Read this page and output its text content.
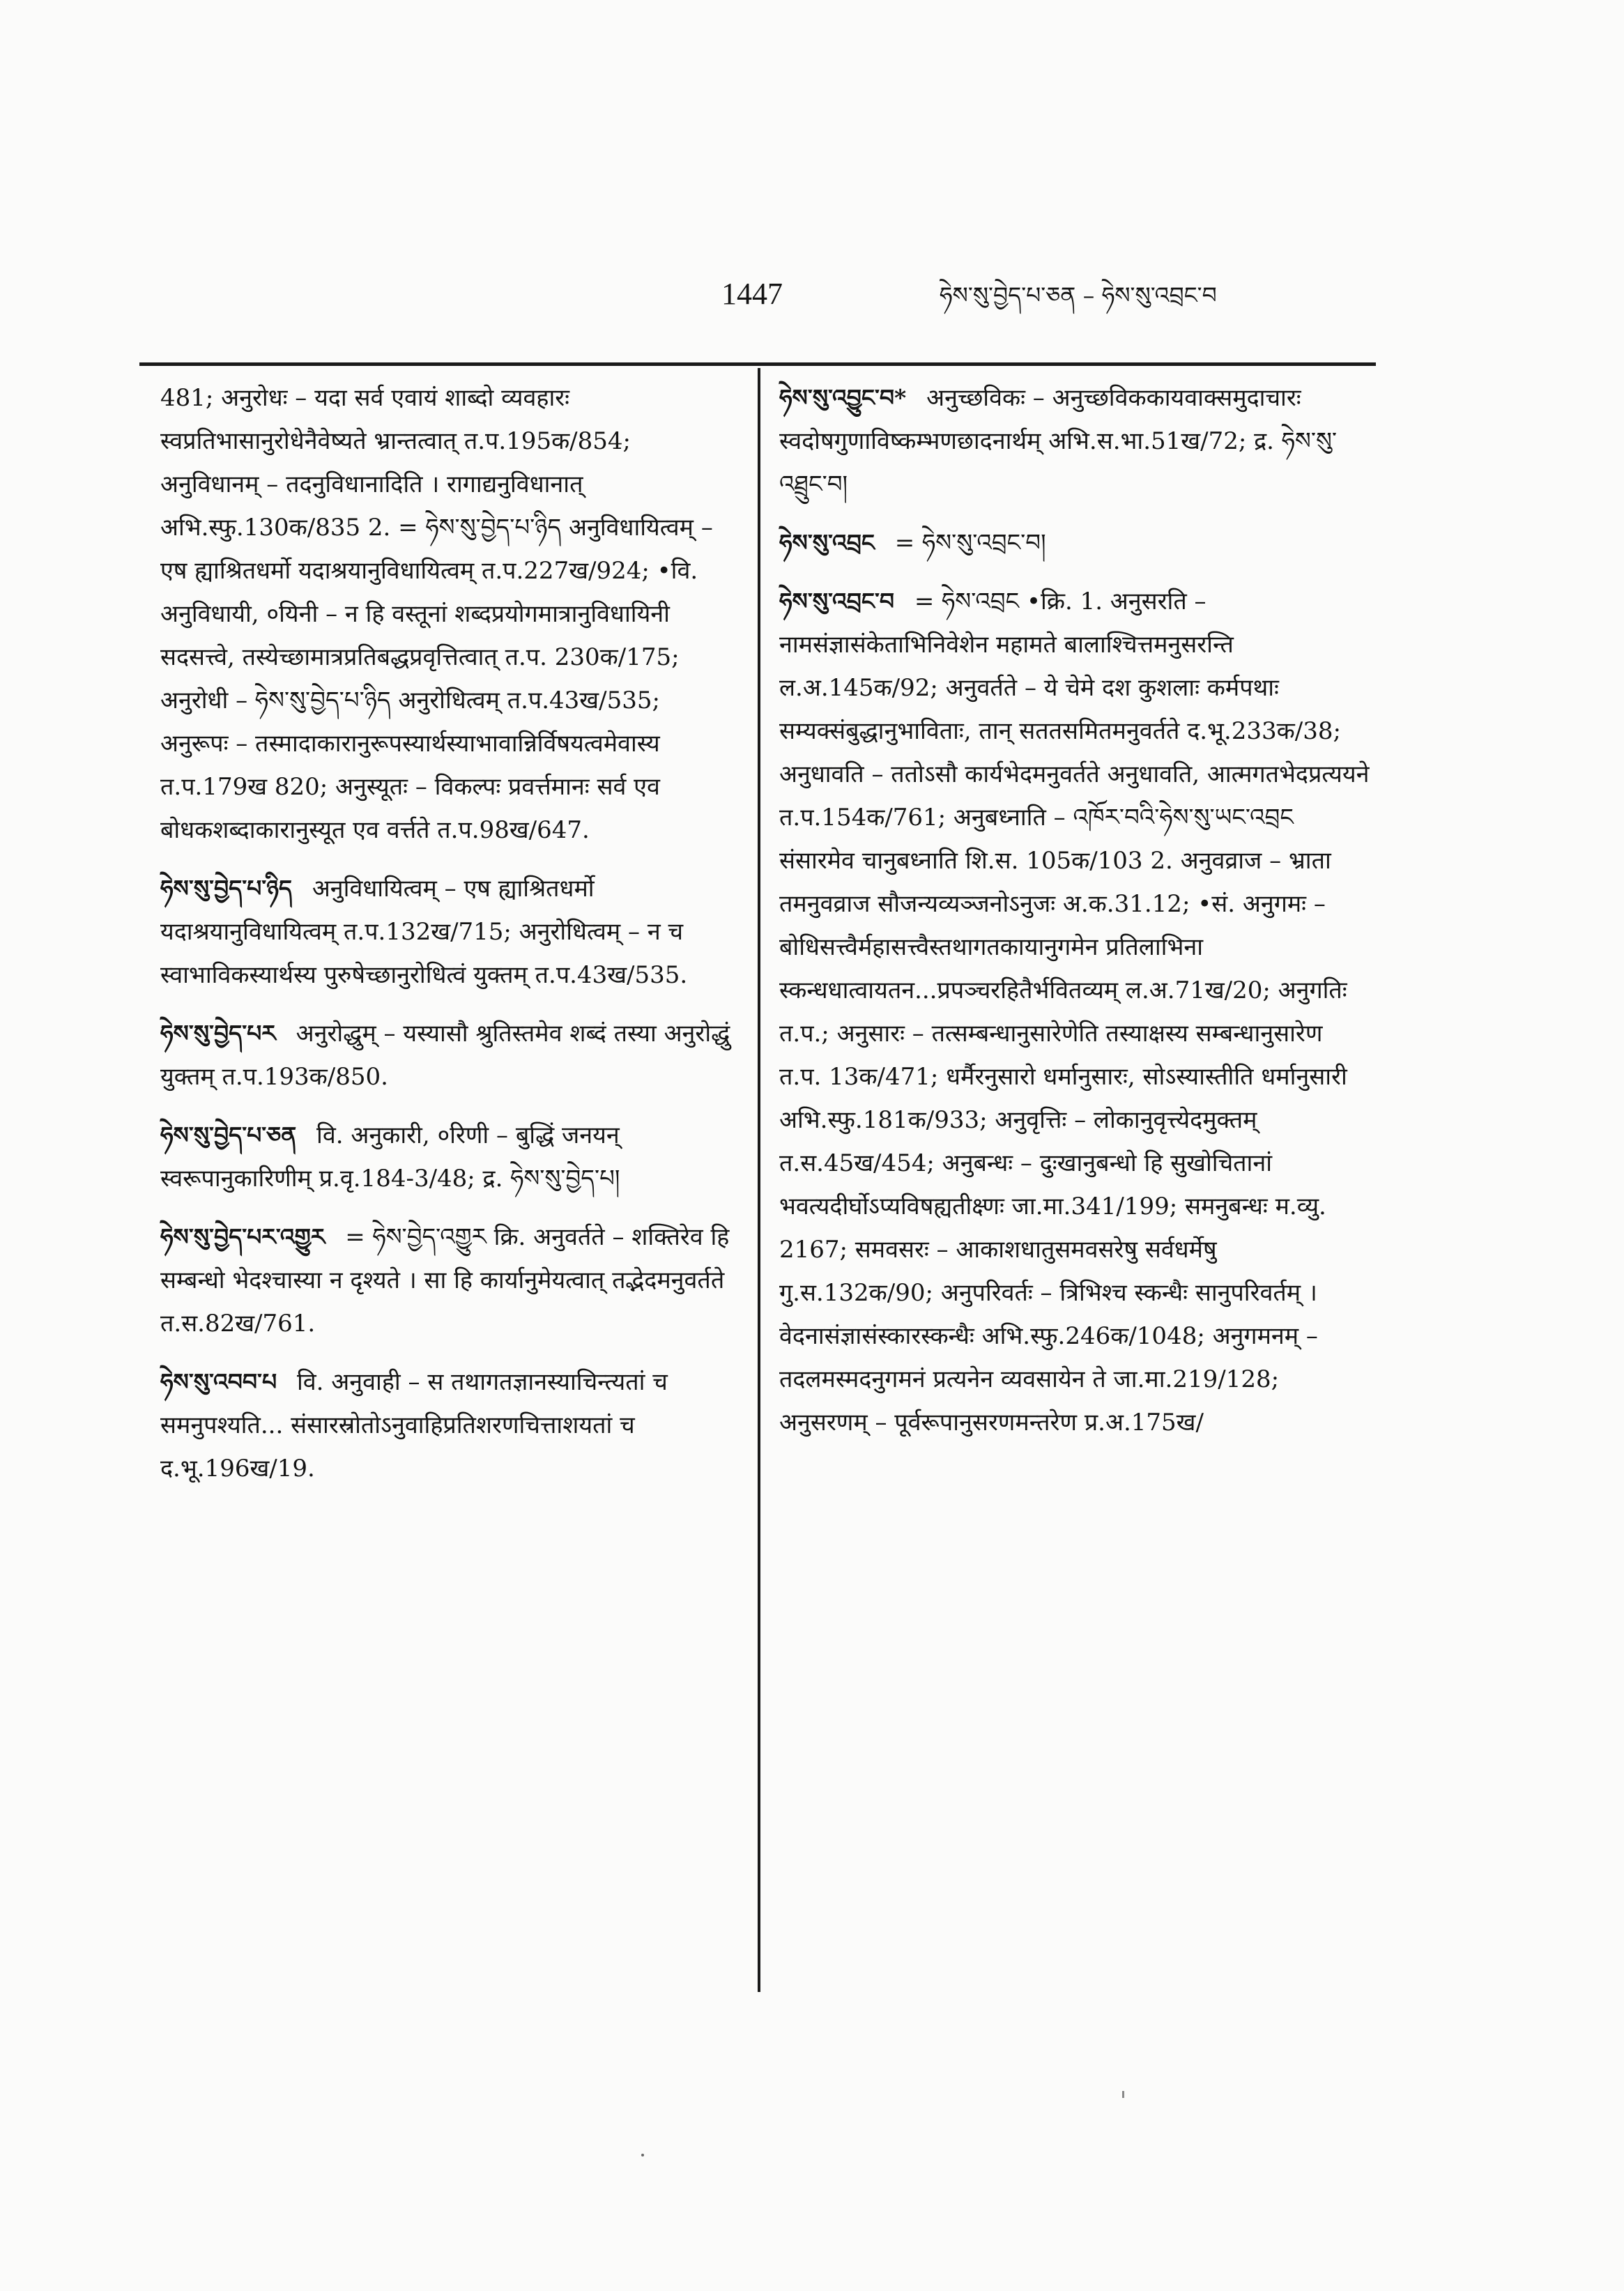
1447	ཧེས་སུ་བྱེད་པ་ཅན – ཧེས་སུ་འབྲང་བ
481; अनुरोधः – यदा सर्व एवायं शाब्दो व्यवहारः स्वप्रतिभासानुरोधेनैवेष्यते भ्रान्तत्वात् त.प.195क/854; अनुविधानम् – तदनुविधानादिति । रागाद्यनुविधानात् अभि.स्फु.130क/835 2. = ཧེས་སུ་བྱེད་པ་ཉིད अनुविधायित्वम् – एष ह्याश्रितधर्मो यदाश्रयानुविधायित्वम् त.प.227ख/924; •वि. अनुविधायी, ०यिनी – न हि वस्तूनां शब्दप्रयोगमात्रानुविधायिनी सदसत्त्वे, तस्येच्छामात्रप्रतिबद्धप्रवृत्तित्वात् त.प. 230क/175; अनुरोधी – ཧེས་སུ་བྱེད་པ་ཉིད अनुरोधित्वम् त.प.43ख/535; अनुरूपः – तस्मादाकारानुरूपस्यार्थस्याभावान्निर्विषयत्वमेवास्य त.प.179ख 820; अनुस्यूतः – विकल्पः प्रवर्त्तमानः सर्व एव बोधकशब्दाकारानुस्यूत एव वर्त्तते त.प.98ख/647.
ཧེས་སུ་བྱེད་པ་ཉིད अनुविधायित्वम् – एष ह्याश्रितधर्मो यदाश्रयानुविधायित्वम् त.प.132ख/715; अनुरोधित्वम् – न च स्वाभाविकस्यार्थस्य पुरुषेच्छानुरोधित्वं युक्तम् त.प.43ख/535.
ཧེས་སུ་བྱེད་པར अनुरोद्धुम् – यस्यासौ श्रुतिस्तमेव शब्दं तस्या अनुरोद्धुं युक्तम् त.प.193क/850.
ཧེས་སུ་བྱེད་པ་ཅན वि. अनुकारी, ०रिणी – बुद्धिं जनयन् स्वरूपानुकारिणीम् प्र.वृ.184-3/48; द्र. ཧེས་སུ་བྱེད་པ།
ཧེས་སུ་བྱེད་པར་འགྱུར = ཧེས་བྱེད་འགྱུར क्रि. अनुवर्तते – शक्तिरेव हि सम्बन्धो भेदश्चास्या न दृश्यते । सा हि कार्यानुमेयत्वात् तद्भेदमनुवर्तते त.स.82ख/761.
ཧེས་སུ་འབབ་པ वि. अनुवाही – स तथागतज्ञानस्याचिन्त्यतां च समनुपश्यति... संसारस्रोतोऽनुवाहिप्रतिशरणचित्ताशयतां च द.भू.196ख/19.
ཧེས་སུ་འབྱུང་བ* अनुच्छविकः – अनुच्छविककायवाक्समुदाचारः स्वदोषगुणाविष्कम्भणछादनार्थम् अभि.स.भा.51ख/72; द्र. ཧེས་སུ་འཐྲུང་བ།
ཧེས་སུ་འབྲང = ཧེས་སུ་འབྲང་བ།
ཧེས་སུ་འབྲང་བ = ཧེས་འབྲང •क्रि. 1. अनुसरति – नामसंज्ञासंकेताभिनिवेशेन महामते बालाश्चित्तमनुसरन्ति ल.अ.145क/92; अनुवर्तते – ये चेमे दश कुशलाः कर्मपथाः सम्यक्संबुद्धानुभाविताः, तान् सततसमितमनुवर्तते द.भू.233क/38; अनुधावति – ततोऽसौ कार्यभेदमनुवर्तते अनुधावति, आत्मगतभेदप्रत्ययने त.प.154क/761; अनुबध्नाति – འཁོར་བའི་ཧེས་སུ་ཡང་འབྲང संसारमेव चानुबध्नाति शि.स. 105क/103 2. अनुवव्राज – भ्राता तमनुवव्राज सौजन्यव्यञ्जनोऽनुजः अ.क.31.12; •सं. अनुगमः – बोधिसत्त्वैर्महासत्त्वैस्तथागतकायानुगमेन प्रतिलाभिना स्कन्धधात्वायतन...प्रपञ्चरहितैर्भवितव्यम् ल.अ.71ख/20; अनुगतिः त.प.; अनुसारः – तत्सम्बन्धानुसारेणेति तस्याक्षस्य सम्बन्धानुसारेण त.प. 13क/471; धर्मैरनुसारो धर्मानुसारः, सोऽस्यास्तीति धर्मानुसारी अभि.स्फु.181क/933; अनुवृत्तिः – लोकानुवृत्त्येदमुक्तम् त.स.45ख/454; अनुबन्धः – दुःखानुबन्धो हि सुखोचितानां भवत्यदीर्घोऽप्यविषह्यतीक्ष्णः जा.मा.341/199; समनुबन्धः म.व्यु. 2167; समवसरः – आकाशधातुसमवसरेषु सर्वधर्मेषु गु.स.132क/90; अनुपरिवर्तः – त्रिभिश्च स्कन्धैः सानुपरिवर्तम् । वेदनासंज्ञासंस्कारस्कन्धैः अभि.स्फु.246क/1048; अनुगमनम् – तदलमस्मदनुगमनं प्रत्यनेन व्यवसायेन ते जा.मा.219/128; अनुसरणम् – पूर्वरूपानुसरणमन्तरेण प्र.अ.175ख/
